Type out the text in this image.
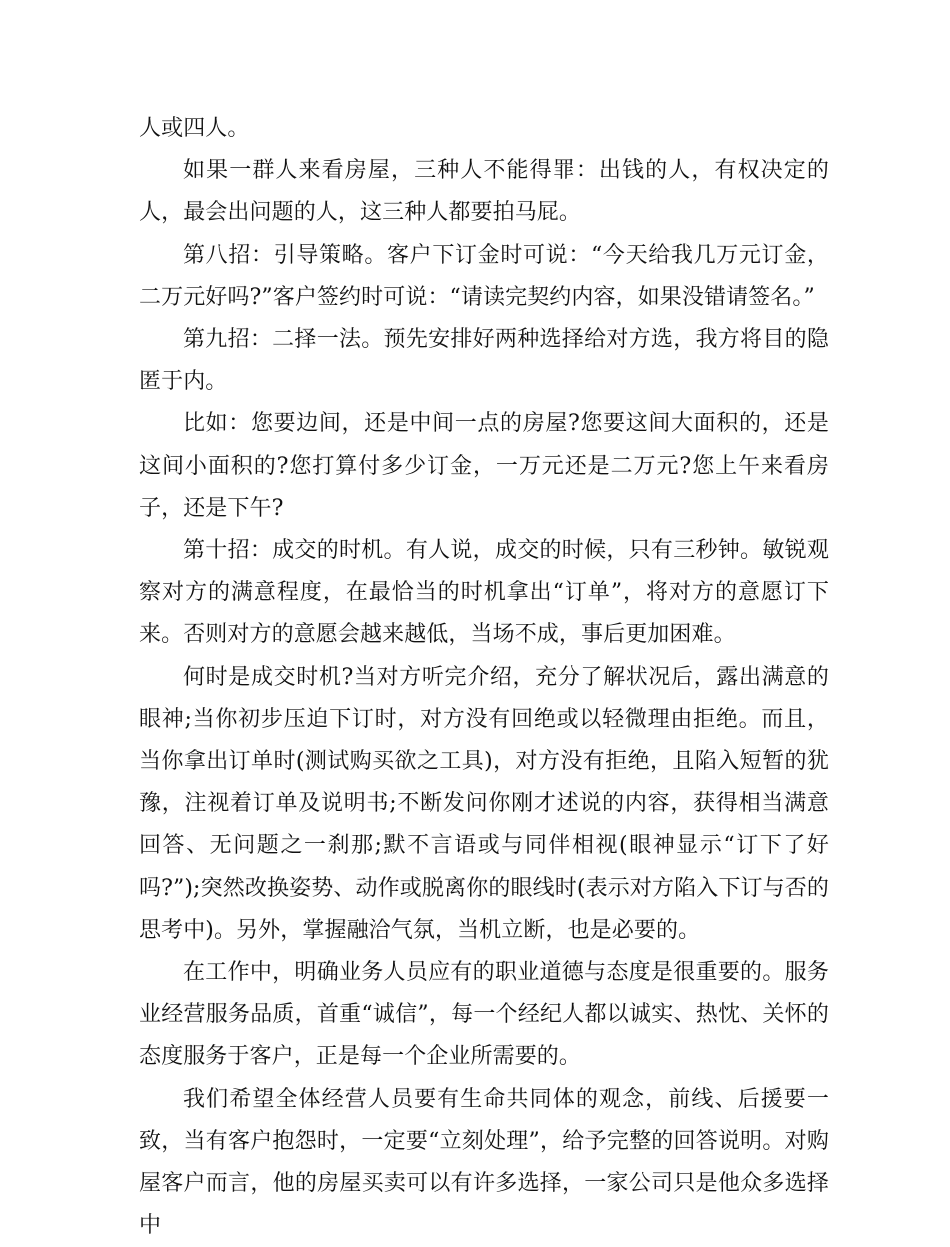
人或四人。

如果一群人来看房屋，三种人不能得罪：出钱的人，有权决定的人，最会出问题的人，这三种人都要拍马屁。

第八招：引导策略。客户下订金时可说：“今天给我几万元订金，二万元好吗?”客户签约时可说：“请读完契约内容，如果没错请签名。”

第九招：二择一法。预先安排好两种选择给对方选，我方将目的隐匿于内。

比如：您要边间，还是中间一点的房屋?您要这间大面积的，还是这间小面积的?您打算付多少订金，一万元还是二万元?您上午来看房子，还是下午?

第十招：成交的时机。有人说，成交的时候，只有三秒钟。敏锐观察对方的满意程度，在最恰当的时机拿出“订单”，将对方的意愿订下来。否则对方的意愿会越来越低，当场不成，事后更加困难。

何时是成交时机?当对方听完介绍，充分了解状况后，露出满意的眼神;当你初步压迫下订时，对方没有回绝或以轻微理由拒绝。而且，当你拿出订单时(测试购买欲之工具)，对方没有拒绝，且陷入短暂的犹豫，注视着订单及说明书;不断发问你刚才述说的内容，获得相当满意回答、无问题之一刹那;默不言语或与同伴相视(眼神显示“订下了好吗?”);突然改换姿势、动作或脱离你的眼线时(表示对方陷入下订与否的思考中)。另外，掌握融洽气氛，当机立断，也是必要的。

在工作中，明确业务人员应有的职业道德与态度是很重要的。服务业经营服务品质，首重“诚信”，每一个经纪人都以诚实、热忱、关怀的态度服务于客户，正是每一个企业所需要的。

我们希望全体经营人员要有生命共同体的观念，前线、后援要一致，当有客户抱怨时，一定要“立刻处理”，给予完整的回答说明。对购屋客户而言，他的房屋买卖可以有许多选择，一家公司只是他众多选择中
